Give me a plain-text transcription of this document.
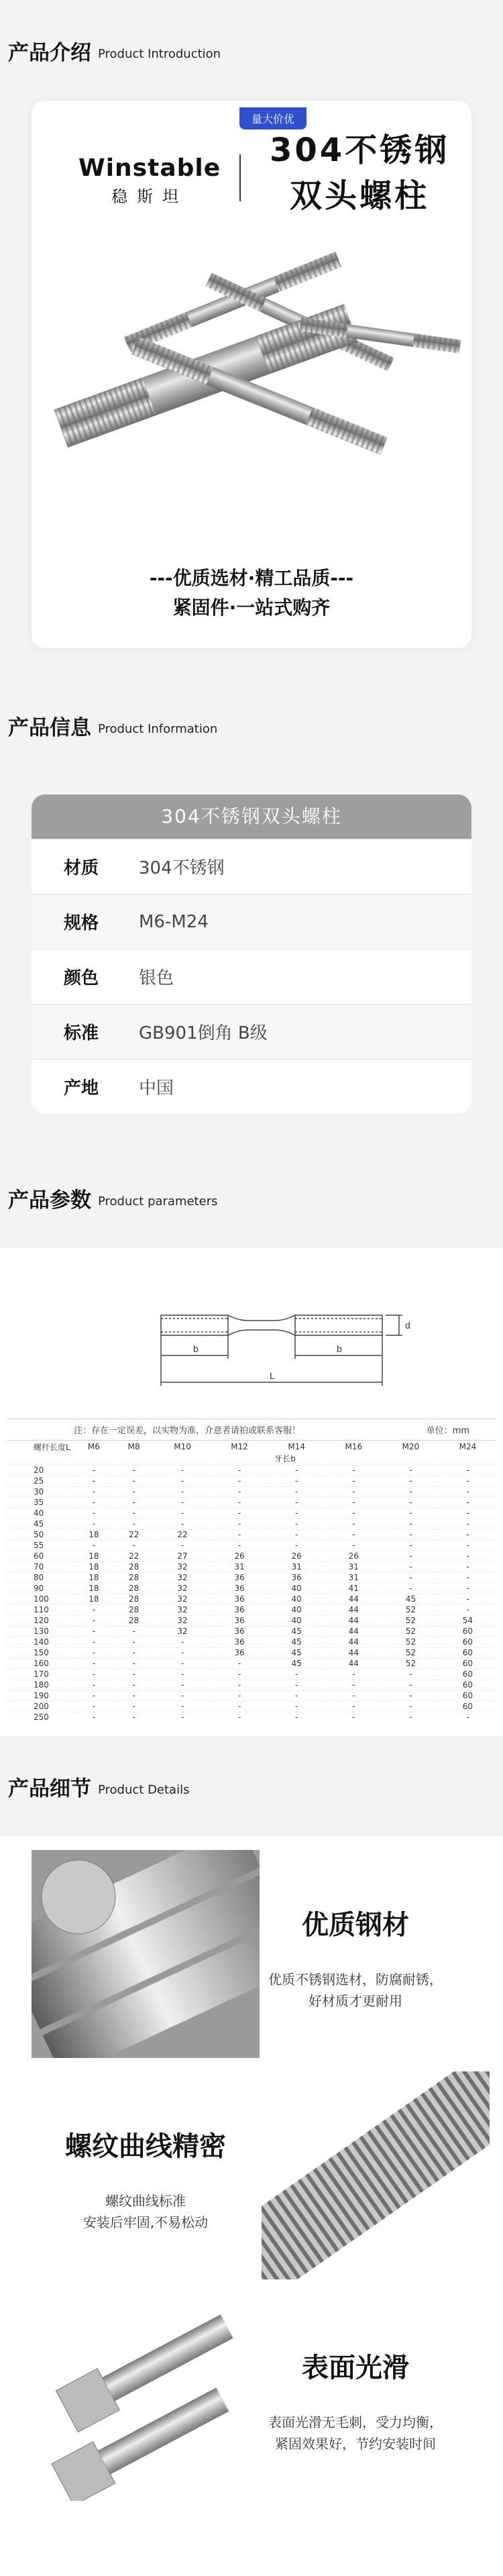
产品介绍 Product Introduction
Winstable
稳斯坦
量大价优
304不锈钢
双头螺柱
---优质选材·精工品质---
紧固件·一站式购齐
产品信息 Product Information
304不锈钢双头螺柱
材质	304不锈钢
规格	M6-M24
颜色	银色
标准	GB901倒角 B级
产地	中国
产品参数 Product parameters
b	b
L
d
注：存在一定误差，以实物为准，介意者请拍或联系客服！	单位：mm
螺杆长度L	M6	M8	M10	M12	M14	M16	M20	M24
	牙长b							
20	-	-	-	-	-	-	-	-
25	-	-	-	-	-	-	-	-
30	-	-	-	-	-	-	-	-
35	-	-	-	-	-	-	-	-
40	-	-	-	-	-	-	-	-
45	-	-	-	-	-	-	-	-
50	18	22	22	-	-	-	-	-
55	-	-	-	-	-	-	-	-
60	18	22	27	26	26	26	-	-
70	18	28	32	31	31	31	-	-
80	18	28	32	36	36	31	-	-
90	18	28	32	36	40	41	-	-
100	18	28	32	36	40	44	45	-
110	-	28	32	36	40	44	52	-
120	-	28	32	36	40	44	52	54
130	-	-	32	36	45	44	52	60
140	-	-	-	36	45	44	52	60
150	-	-	-	36	45	44	52	60
160	-	-	-	-	45	44	52	60
170	-	-	-	-	-	-	-	60
180	-	-	-	-	-	-	-	60
190	-	-	-	-	-	-	-	60
200	-	-	-	-	-	-	-	60
250	-	-	-	-	-	-	-	-
产品细节 Product Details
优质钢材
优质不锈钢选材，防腐耐锈，
好材质才更耐用
螺纹曲线精密
螺纹曲线标准
安装后牢固,不易松动
表面光滑
表面光滑无毛刺，受力均衡，
紧固效果好，节约安装时间
